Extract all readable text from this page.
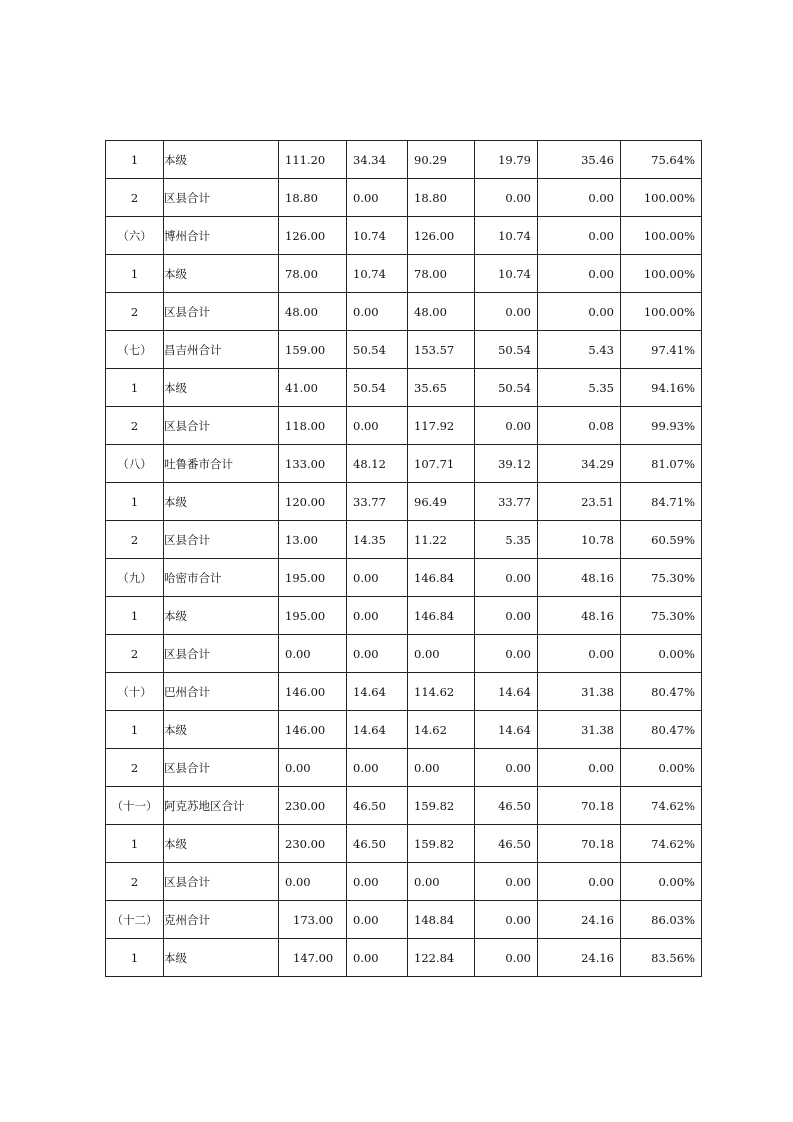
1	本级	111.20	34.34	90.29	19.79	35.46	75.64%
2	区县合计	18.80	0.00	18.80	0.00	0.00	100.00%
（六）	博州合计	126.00	10.74	126.00	10.74	0.00	100.00%
1	本级	78.00	10.74	78.00	10.74	0.00	100.00%
2	区县合计	48.00	0.00	48.00	0.00	0.00	100.00%
（七）	昌吉州合计	159.00	50.54	153.57	50.54	5.43	97.41%
1	本级	41.00	50.54	35.65	50.54	5.35	94.16%
2	区县合计	118.00	0.00	117.92	0.00	0.08	99.93%
（八）	吐鲁番市合计	133.00	48.12	107.71	39.12	34.29	81.07%
1	本级	120.00	33.77	96.49	33.77	23.51	84.71%
2	区县合计	13.00	14.35	11.22	5.35	10.78	60.59%
（九）	哈密市合计	195.00	0.00	146.84	0.00	48.16	75.30%
1	本级	195.00	0.00	146.84	0.00	48.16	75.30%
2	区县合计	0.00	0.00	0.00	0.00	0.00	0.00%
（十）	巴州合计	146.00	14.64	114.62	14.64	31.38	80.47%
1	本级	146.00	14.64	14.62	14.64	31.38	80.47%
2	区县合计	0.00	0.00	0.00	0.00	0.00	0.00%
（十一）	阿克苏地区合计	230.00	46.50	159.82	46.50	70.18	74.62%
1	本级	230.00	46.50	159.82	46.50	70.18	74.62%
2	区县合计	0.00	0.00	0.00	0.00	0.00	0.00%
（十二）	克州合计	173.00	0.00	148.84	0.00	24.16	86.03%
1	本级	147.00	0.00	122.84	0.00	24.16	83.56%
